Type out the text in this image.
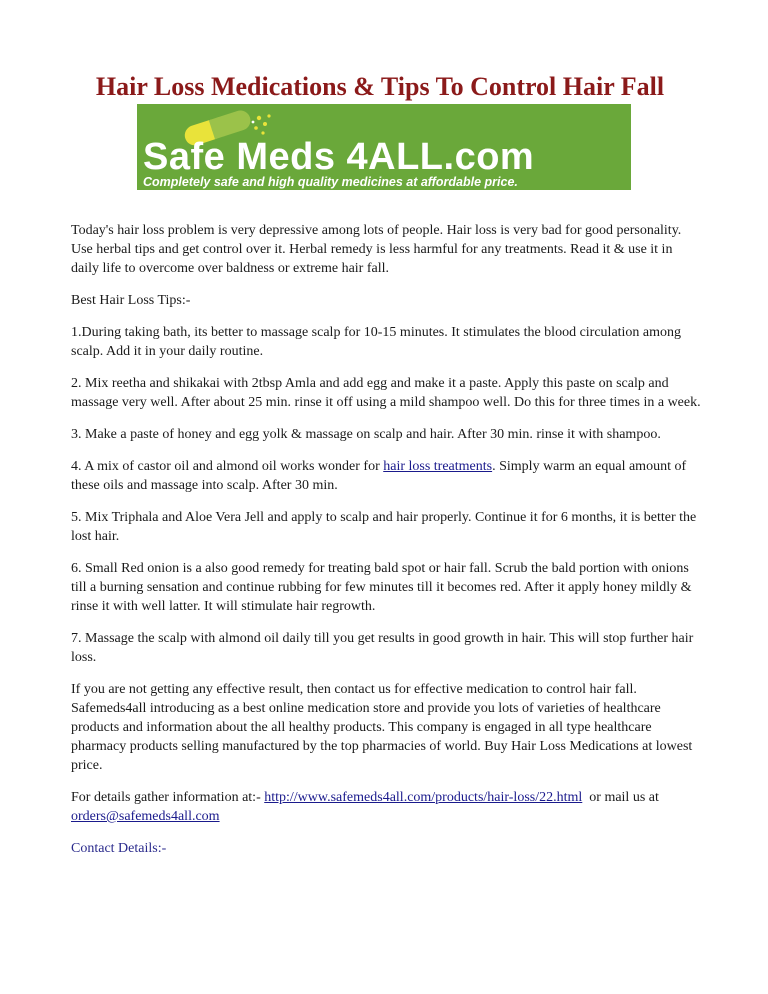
Hair Loss Medications & Tips To Control Hair Fall
Safe Meds 4ALL.com
Completely safe and high quality medicines at affordable price.

Today's hair loss problem is very depressive among lots of people. Hair loss is very bad for good personality. Use herbal tips and get control over it. Herbal remedy is less harmful for any treatments. Read it & use it in daily life to overcome over baldness or extreme hair fall.

Best Hair Loss Tips:-

1.During taking bath, its better to massage scalp for 10-15 minutes. It stimulates the blood circulation among scalp. Add it in your daily routine.

2. Mix reetha and shikakai with 2tbsp Amla and add egg and make it a paste. Apply this paste on scalp and massage very well. After about 25 min. rinse it off using a mild shampoo well. Do this for three times in a week.

3. Make a paste of honey and egg yolk & massage on scalp and hair. After 30 min. rinse it with shampoo.

4. A mix of castor oil and almond oil works wonder for hair loss treatments. Simply warm an equal amount of these oils and massage into scalp. After 30 min.

5. Mix Triphala and Aloe Vera Jell and apply to scalp and hair properly. Continue it for 6 months, it is better the lost hair.

6. Small Red onion is a also good remedy for treating bald spot or hair fall. Scrub the bald portion with onions till a burning sensation and continue rubbing for few minutes till it becomes red. After it apply honey mildly & rinse it with well latter. It will stimulate hair regrowth.

7. Massage the scalp with almond oil daily till you get results in good growth in hair. This will stop further hair loss.

If you are not getting any effective result, then contact us for effective medication to control hair fall. Safemeds4all introducing as a best online medication store and provide you lots of varieties of healthcare products and information about the all healthy products. This company is engaged in all type healthcare pharmacy products selling manufactured by the top pharmacies of world. Buy Hair Loss Medications at lowest price.

For details gather information at:- http://www.safemeds4all.com/products/hair-loss/22.html  or mail us at orders@safemeds4all.com

Contact Details:-
